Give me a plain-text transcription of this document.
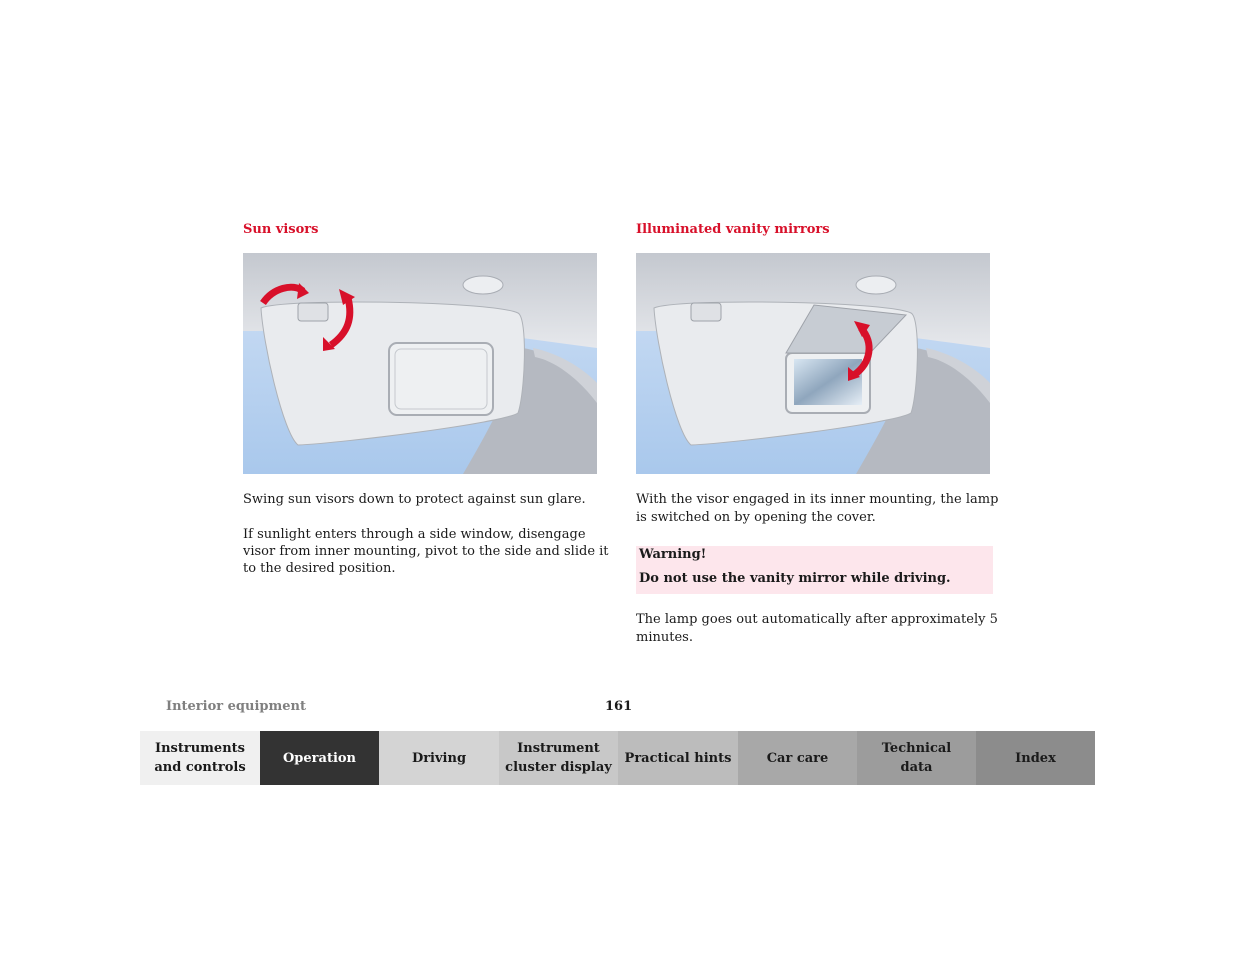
Sun visors
Swing sun visors down to protect against sun glare.
If sunlight enters through a side window, disengage
visor from inner mounting, pivot to the side and slide it
to the desired position.
Illuminated vanity mirrors
With the visor engaged in its inner mounting, the lamp
is switched on by opening the cover.
Warning!
Do not use the vanity mirror while driving.
The lamp goes out automatically after approximately 5
minutes.
Interior equipment	161
Instruments
and controls
Operation	Driving
Instrument
cluster display
Practical hints	Car care
Technical
data
Index
